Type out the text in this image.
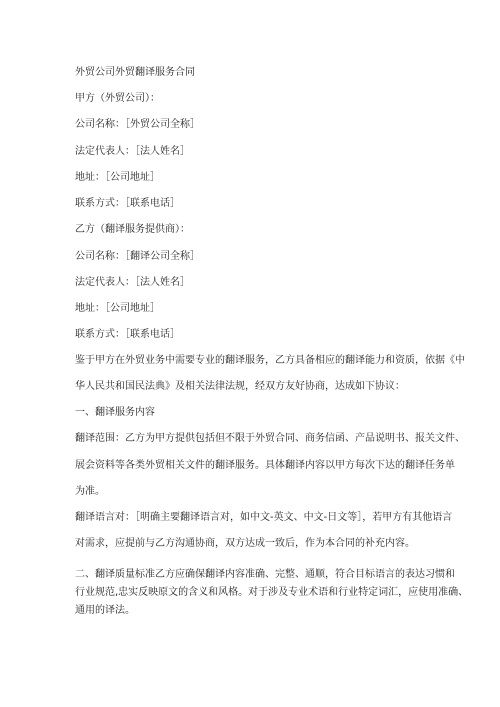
外贸公司外贸翻译服务合同
甲方（外贸公司）：
公司名称：［外贸公司全称］
法定代表人：［法人姓名］
地址：［公司地址］
联系方式：［联系电话］
乙方（翻译服务提供商）：
公司名称：［翻译公司全称］
法定代表人：［法人姓名］
地址：［公司地址］
联系方式：［联系电话］
鉴于甲方在外贸业务中需要专业的翻译服务，乙方具备相应的翻译能力和资质，依据《中
华人民共和国民法典》及相关法律法规，经双方友好协商，达成如下协议：
一、翻译服务内容
翻译范围：乙方为甲方提供包括但不限于外贸合同、商务信函、产品说明书、报关文件、
展会资料等各类外贸相关文件的翻译服务。具体翻译内容以甲方每次下达的翻译任务单
为准。
翻译语言对：［明确主要翻译语言对，如中文-英文、中文-日文等］，若甲方有其他语言
对需求，应提前与乙方沟通协商，双方达成一致后，作为本合同的补充内容。
二、翻译质量标准乙方应确保翻译内容准确、完整、通顺，符合目标语言的表达习惯和
行业规范,忠实反映原文的含义和风格。对于涉及专业术语和行业特定词汇，应使用准确、
通用的译法。
